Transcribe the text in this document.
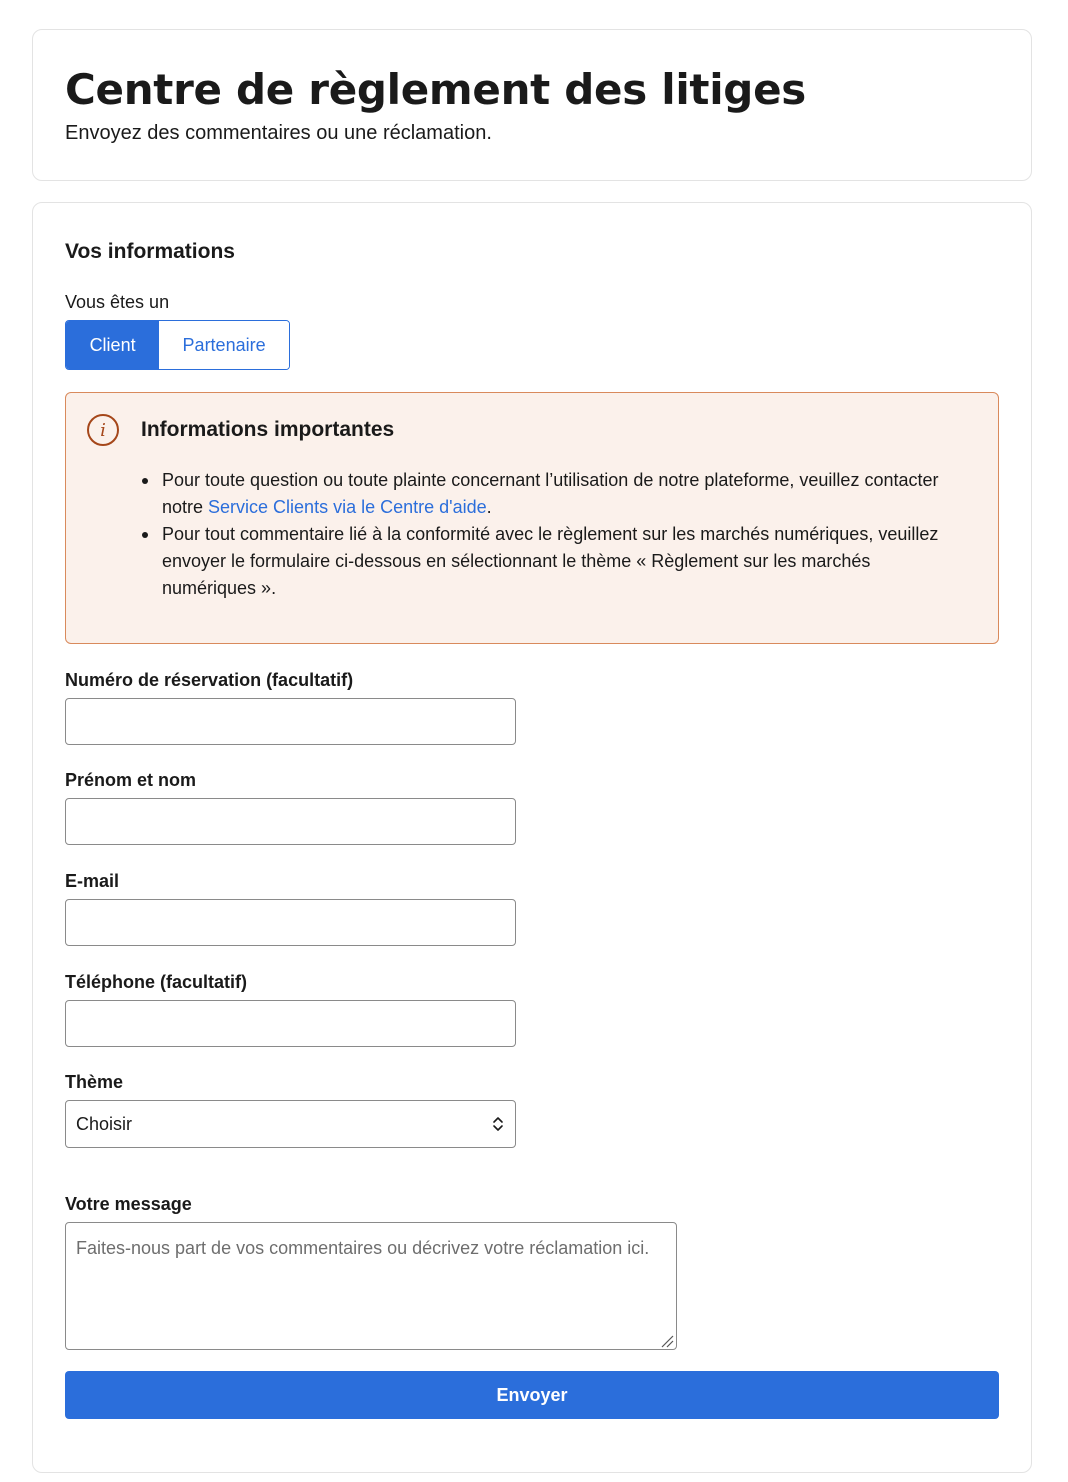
Centre de règlement des litiges

Envoyez des commentaires ou une réclamation.

Vos informations
Vous êtes un
Client	Partenaire
i	Informations importantes
Pour toute question ou toute plainte concernant l’utilisation de notre plateforme, veuillez contacter notre Service Clients via le Centre d'aide.
Pour tout commentaire lié à la conformité avec le règlement sur les marchés numériques, veuillez envoyer le formulaire ci-dessous en sélectionnant le thème « Règlement sur les marchés numériques ».
Numéro de réservation (facultatif)
Prénom et nom
E-mail
Téléphone (facultatif)
Thème
Choisir
Votre message
Faites-nous part de vos commentaires ou décrivez votre réclamation ici.
Envoyer
